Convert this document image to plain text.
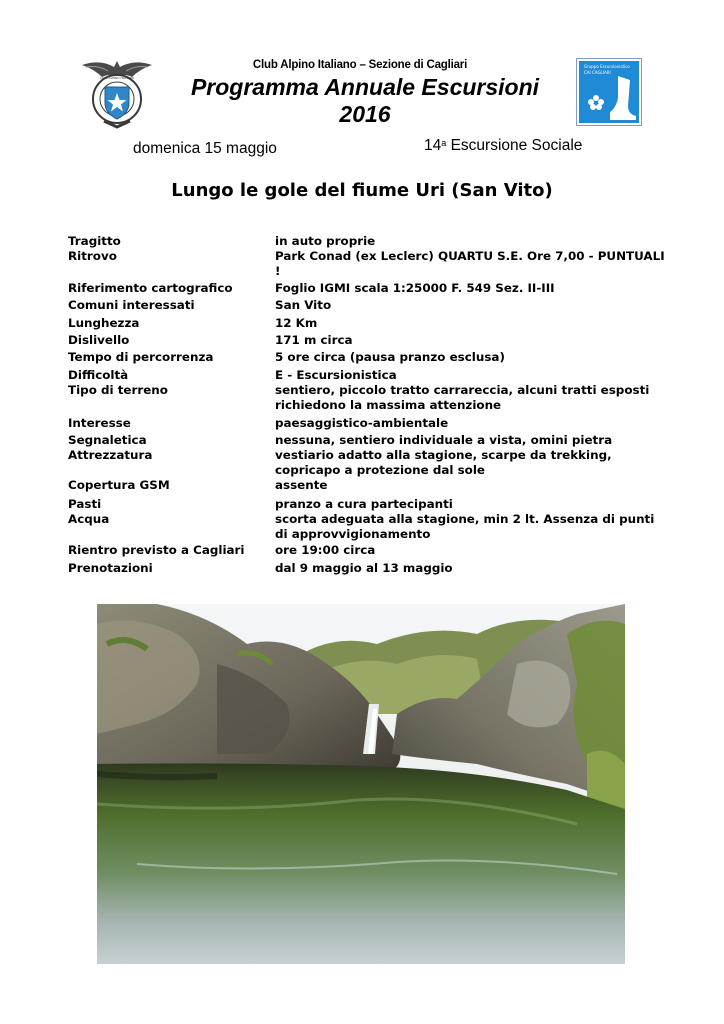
CLUB ALPINO ITALIANO
Gruppo Escursionistico
CAI CAGLIARI
Club Alpino Italiano – Sezione di Cagliari
Programma Annuale Escursioni
2016
domenica 15 maggio	14$^a$ Escursione Sociale
Lungo le gole del fiume Uri (San Vito)
Tragitto	in auto proprie
Ritrovo	Park Conad (ex Leclerc) QUARTU S.E. Ore 7,00 - PUNTUALI !
Riferimento cartografico	Foglio IGMI scala 1:25000 F. 549 Sez. II-III
Comuni interessati	San Vito
Lunghezza	12 Km
Dislivello	171 m circa
Tempo di percorrenza	5 ore circa (pausa pranzo esclusa)
Difficoltà	E - Escursionistica
Tipo di terreno	sentiero, piccolo tratto carrareccia, alcuni tratti esposti richiedono la massima attenzione
Interesse	paesaggistico-ambientale
Segnaletica	nessuna, sentiero individuale a vista, omini pietra
Attrezzatura	vestiario adatto alla stagione, scarpe da trekking, copricapo a protezione dal sole
Copertura GSM	assente
Pasti	pranzo a cura partecipanti
Acqua	scorta adeguata alla stagione, min 2 lt. Assenza di punti di approvvigionamento
Rientro previsto a Cagliari	ore 19:00 circa
Prenotazioni	dal 9 maggio al 13 maggio
